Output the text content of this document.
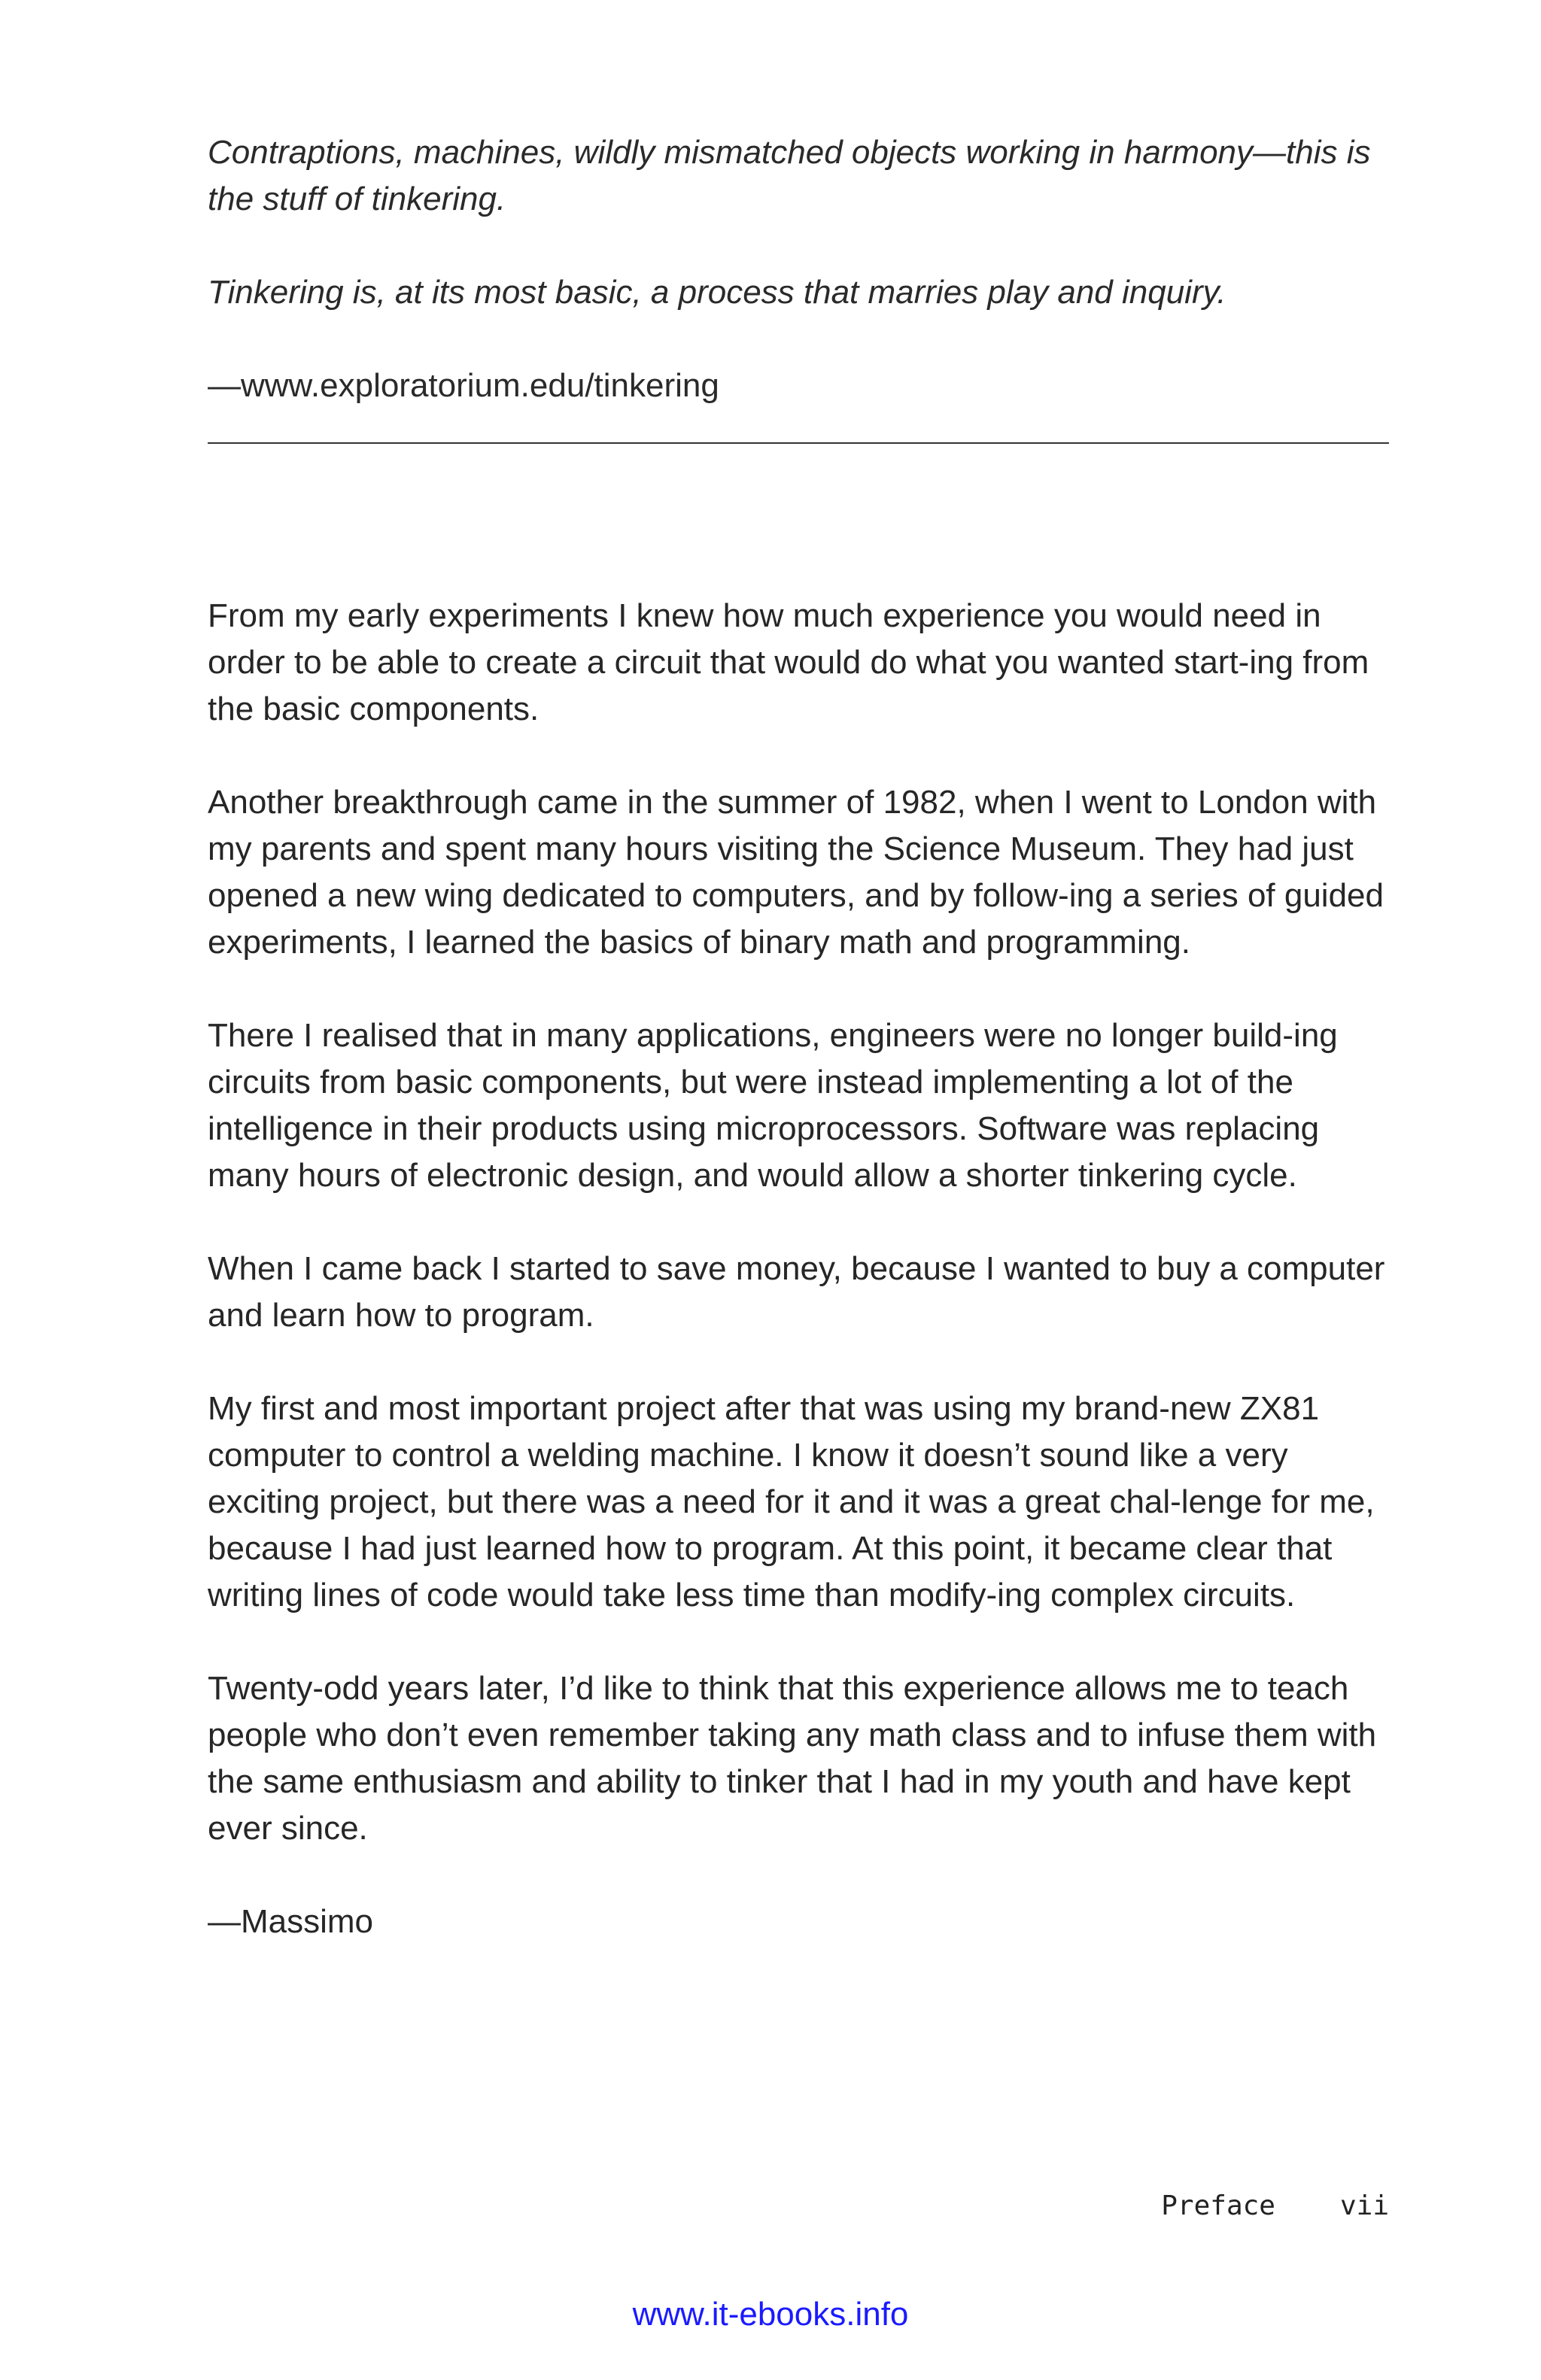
Contraptions, machines, wildly mismatched objects working in harmony—this is the stuff of tinkering.

Tinkering is, at its most basic, a process that marries play and inquiry.

—www.exploratorium.edu/tinkering

From my early experiments I knew how much experience you would need in order to be able to create a circuit that would do what you wanted start-ing from the basic components.

Another breakthrough came in the summer of 1982, when I went to London with my parents and spent many hours visiting the Science Museum. They had just opened a new wing dedicated to computers, and by follow-ing a series of guided experiments, I learned the basics of binary math and programming.

There I realised that in many applications, engineers were no longer build-ing circuits from basic components, but were instead implementing a lot of the intelligence in their products using microprocessors. Software was replacing many hours of electronic design, and would allow a shorter tinkering cycle.

When I came back I started to save money, because I wanted to buy a computer and learn how to program.

My first and most important project after that was using my brand-new ZX81 computer to control a welding machine. I know it doesn’t sound like a very exciting project, but there was a need for it and it was a great chal-lenge for me, because I had just learned how to program. At this point, it became clear that writing lines of code would take less time than modify-ing complex circuits.

Twenty-odd years later, I’d like to think that this experience allows me to teach people who don’t even remember taking any math class and to infuse them with the same enthusiasm and ability to tinker that I had in my youth and have kept ever since.

—Massimo

Preface vii
www.it-ebooks.info
